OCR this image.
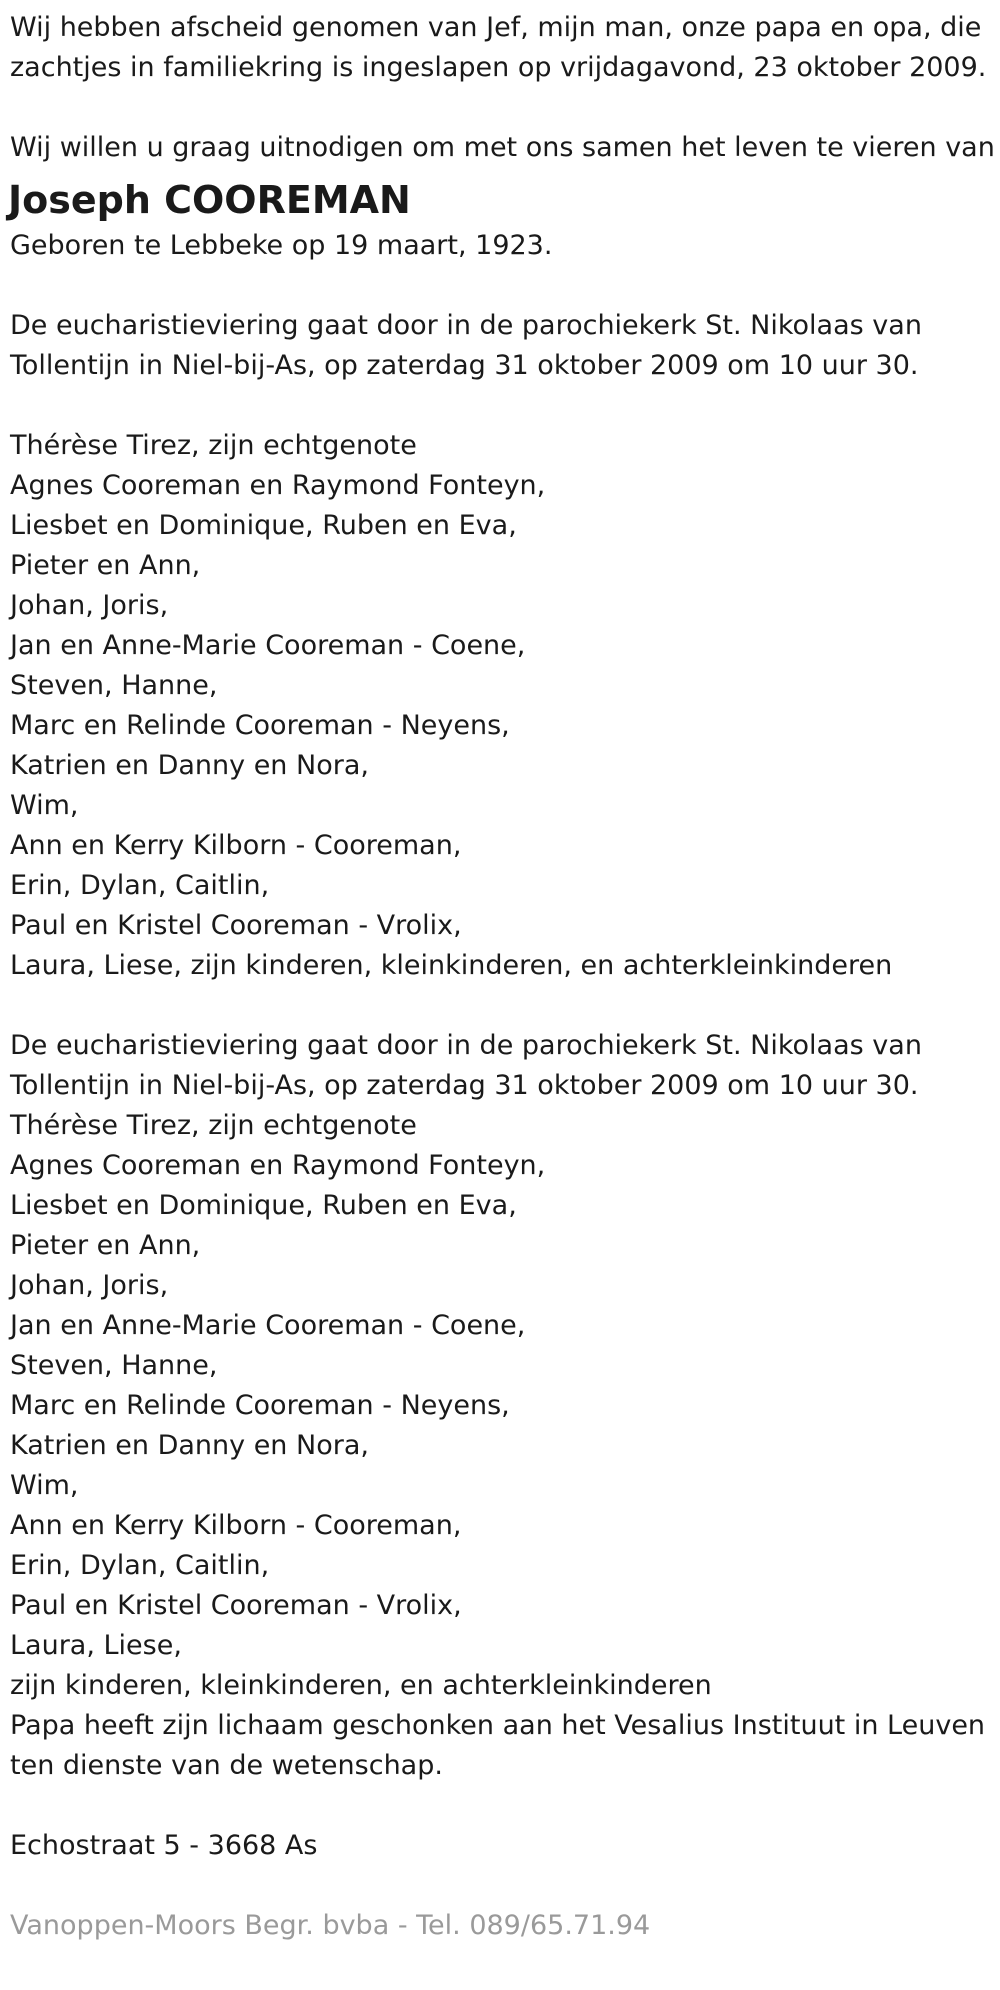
Wij hebben afscheid genomen van Jef, mijn man, onze papa en opa, die
zachtjes in familiekring is ingeslapen op vrijdagavond, 23 oktober 2009.
Wij willen u graag uitnodigen om met ons samen het leven te vieren van
Joseph COOREMAN
Geboren te Lebbeke op 19 maart, 1923.
De eucharistieviering gaat door in de parochiekerk St. Nikolaas van
Tollentijn in Niel-bij-As, op zaterdag 31 oktober 2009 om 10 uur 30.
Thérèse Tirez, zijn echtgenote
Agnes Cooreman en Raymond Fonteyn,
Liesbet en Dominique, Ruben en Eva,
Pieter en Ann,
Johan, Joris,
Jan en Anne-Marie Cooreman - Coene,
Steven, Hanne,
Marc en Relinde Cooreman - Neyens,
Katrien en Danny en Nora,
Wim,
Ann en Kerry Kilborn - Cooreman,
Erin, Dylan, Caitlin,
Paul en Kristel Cooreman - Vrolix,
Laura, Liese, zijn kinderen, kleinkinderen, en achterkleinkinderen
De eucharistieviering gaat door in de parochiekerk St. Nikolaas van
Tollentijn in Niel-bij-As, op zaterdag 31 oktober 2009 om 10 uur 30.
Thérèse Tirez, zijn echtgenote
Agnes Cooreman en Raymond Fonteyn,
Liesbet en Dominique, Ruben en Eva,
Pieter en Ann,
Johan, Joris,
Jan en Anne-Marie Cooreman - Coene,
Steven, Hanne,
Marc en Relinde Cooreman - Neyens,
Katrien en Danny en Nora,
Wim,
Ann en Kerry Kilborn - Cooreman,
Erin, Dylan, Caitlin,
Paul en Kristel Cooreman - Vrolix,
Laura, Liese,
zijn kinderen, kleinkinderen, en achterkleinkinderen
Papa heeft zijn lichaam geschonken aan het Vesalius Instituut in Leuven
ten dienste van de wetenschap.
Echostraat 5 - 3668 As
Vanoppen-Moors Begr. bvba - Tel. 089/65.71.94
